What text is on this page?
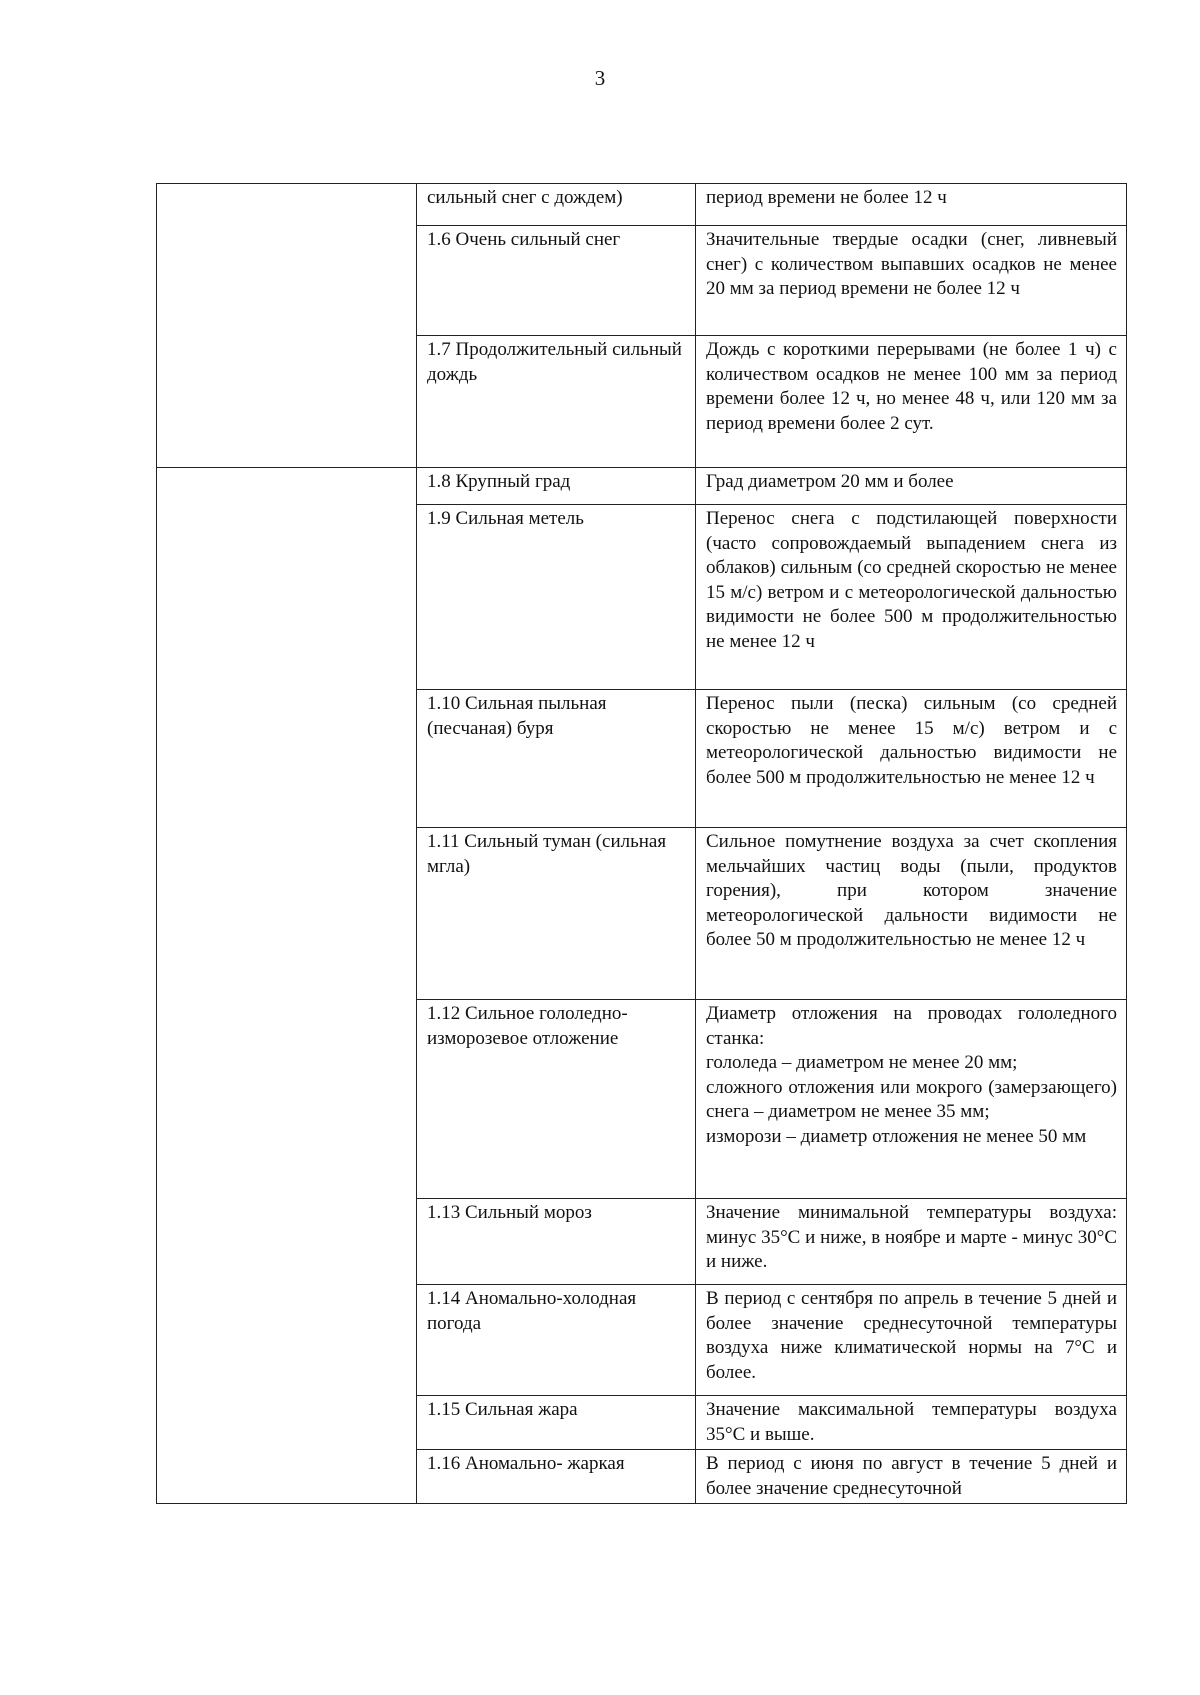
3
	сильный снег с дождем)	период времени не более 12 ч

	1.6 Очень сильный снег	Значительные твердые осадки (снег, ливневый снег) с количеством выпавших осадков не менее 20 мм за период времени не более 12 ч

	1.7 Продолжительный сильный дождь	Дождь с короткими перерывами (не более 1 ч) с количеством осадков не менее 100 мм за период времени более 12 ч, но менее 48 ч, или 120 мм за период времени более 2 сут.

	1.8 Крупный град	Град диаметром 20 мм и более

	1.9 Сильная метель	Перенос снега с подстилающей поверхности (часто сопровождаемый выпадением снега из облаков) сильным (со средней скоростью не менее 15 м/с) ветром и с метеорологической дальностью видимости не более 500 м продолжительностью не менее 12 ч

	1.10 Сильная пыльная (песчаная) буря	Перенос пыли (песка) сильным (со средней скоростью не менее 15 м/с) ветром и с метеорологической дальностью видимости не более 500 м продолжительностью не менее 12 ч

	1.11 Сильный туман (сильная мгла)	Сильное помутнение воздуха за счет скопления мельчайших частиц воды (пыли, продуктов горения), при котором значение метеорологической дальности видимости не более 50 м продолжительностью не менее 12 ч

	1.12 Сильное гололедно-изморозевое отложение	Диаметр отложения на проводах гололедного станка:
гололеда – диаметром не менее 20 мм;
сложного отложения или мокрого (замерзающего) снега – диаметром не менее 35 мм;
изморози – диаметр отложения не менее 50 мм

	1.13 Сильный мороз	Значение минимальной температуры воздуха: минус 35°С и ниже, в ноябре и марте - минус 30°С и ниже.

	1.14 Аномально-холодная погода	В период с сентября по апрель в течение 5 дней и более значение среднесуточной температуры воздуха ниже климатической нормы на 7°С и более.

	1.15 Сильная жара	Значение максимальной температуры воздуха 35°С и выше.

	1.16 Аномально- жаркая	В период с июня по август в течение 5 дней и более значение среднесуточной
